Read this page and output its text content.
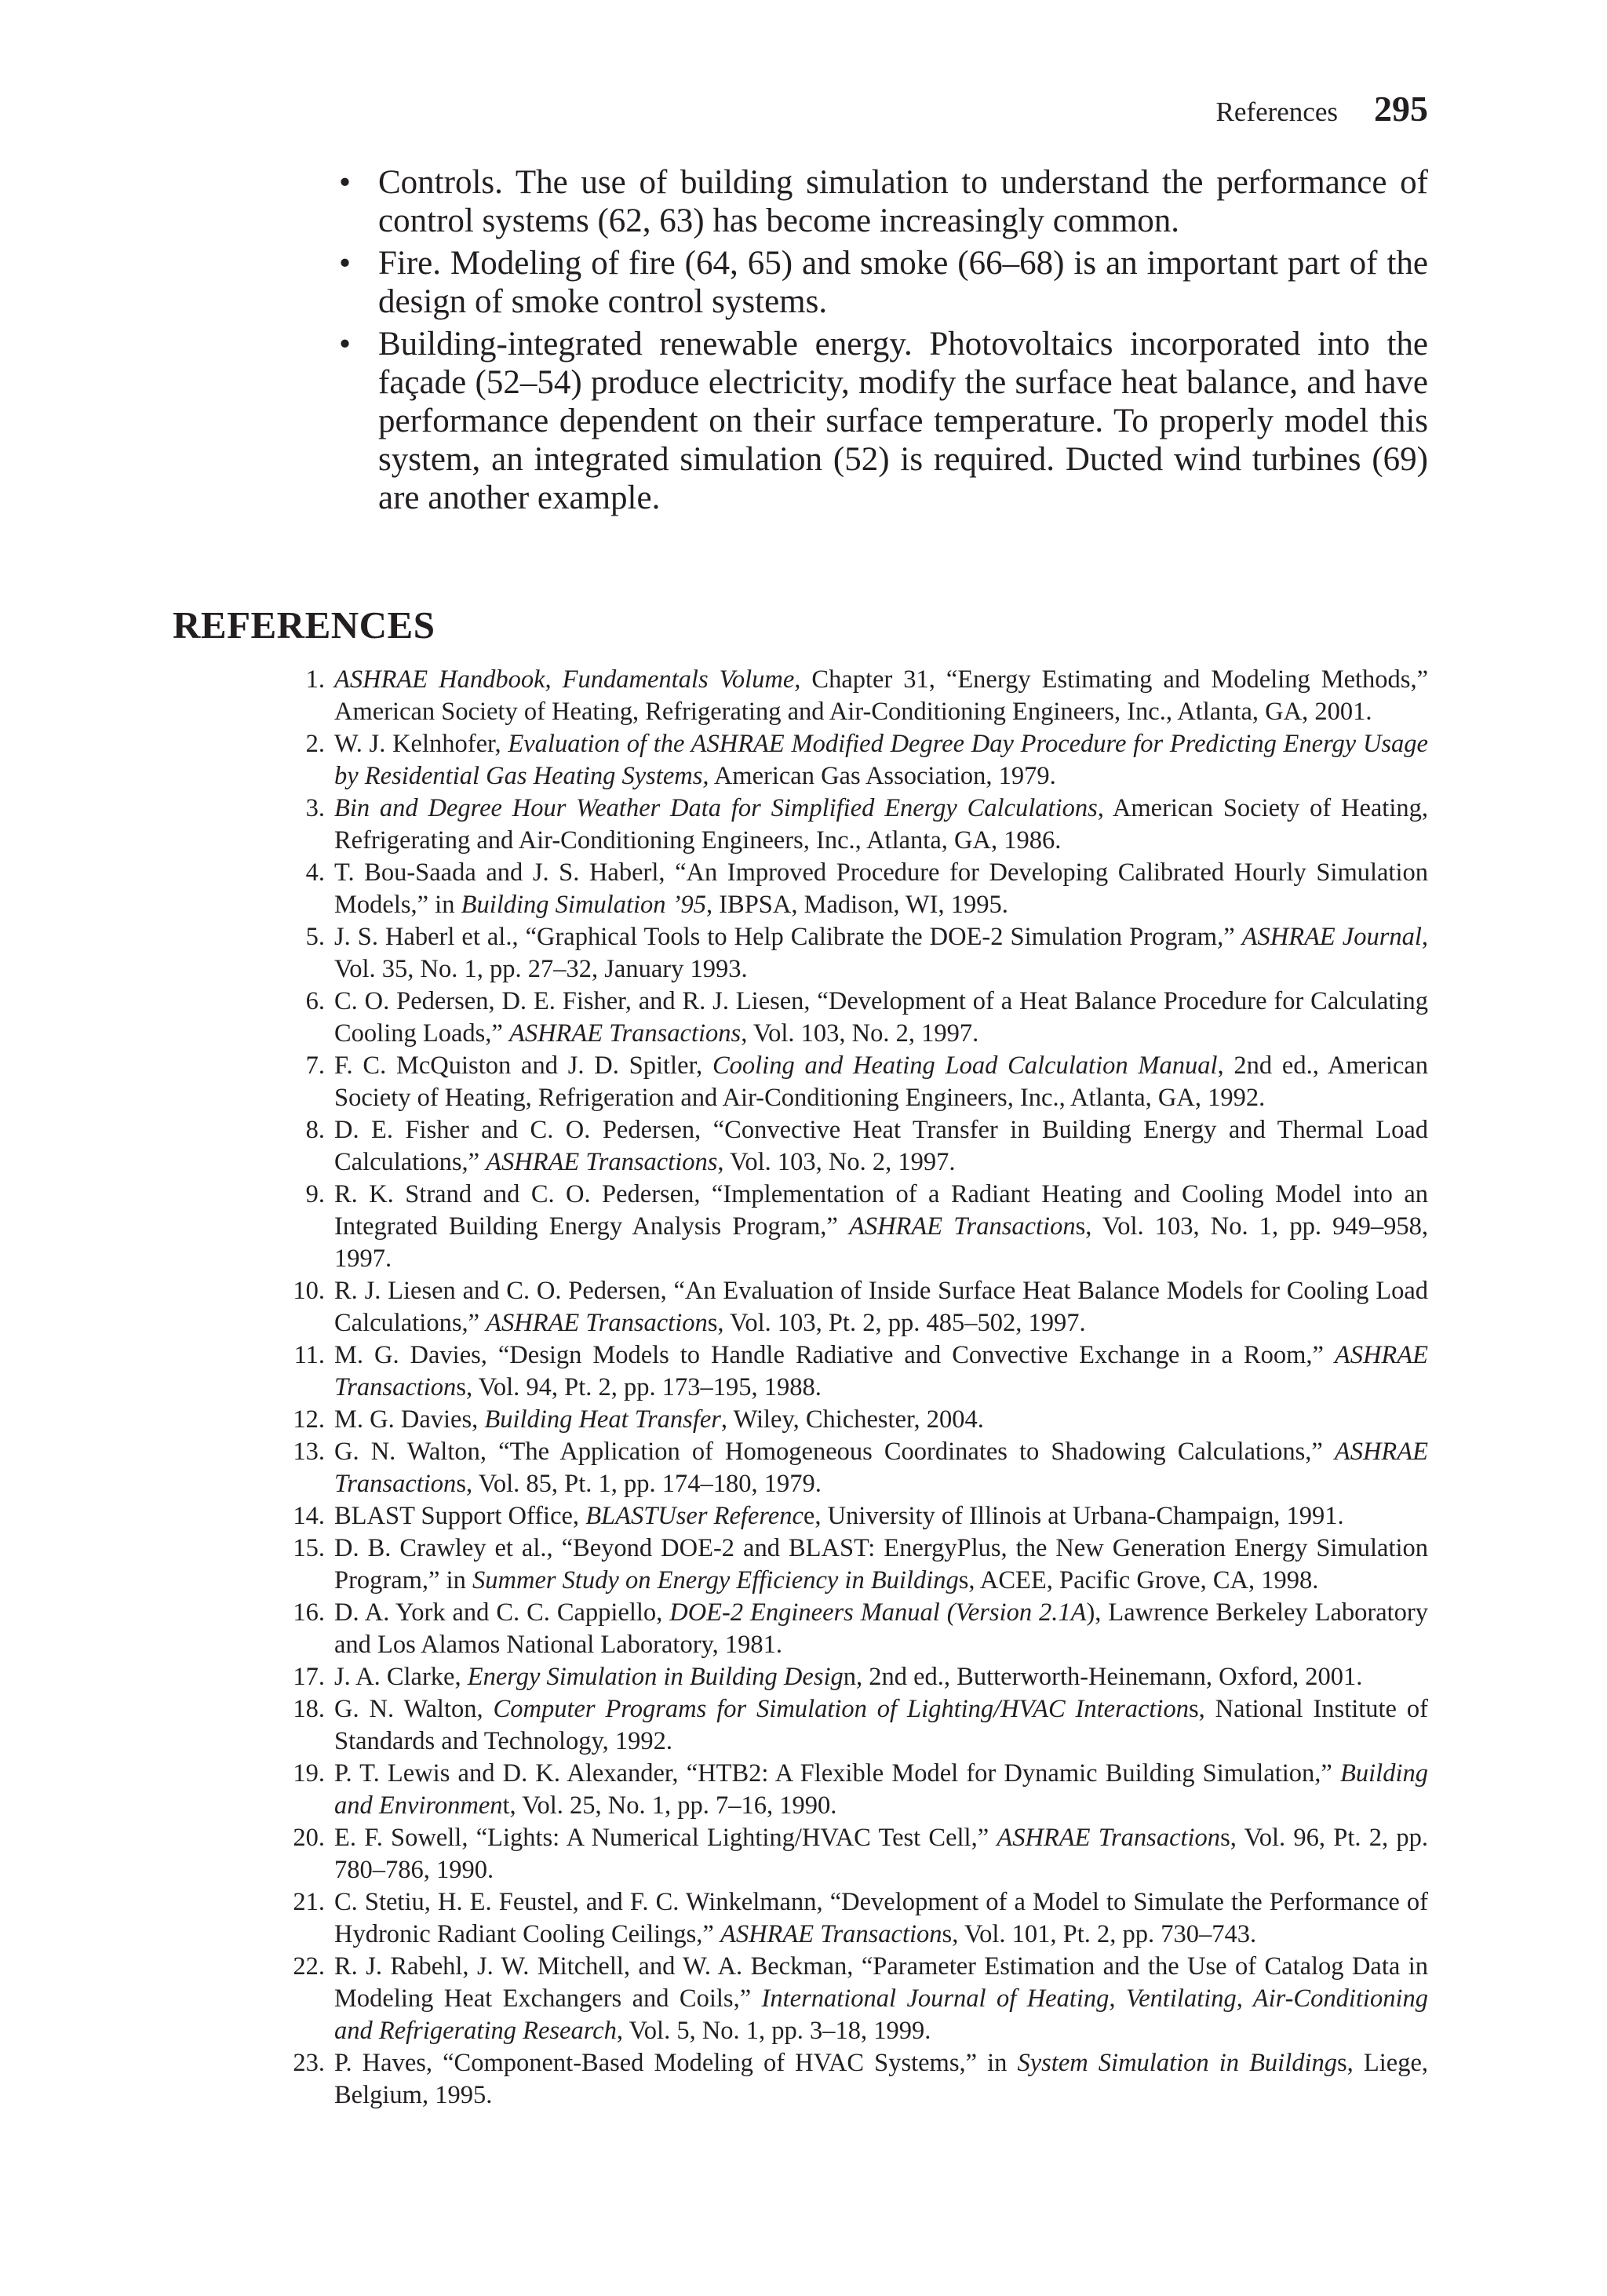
References 295
• Controls. The use of building simulation to understand the performance of control systems (62, 63) has become increasingly common.
• Fire. Modeling of fire (64, 65) and smoke (66–68) is an important part of the design of smoke control systems.
• Building-integrated renewable energy. Photovoltaics incorporated into the façade (52–54) produce electricity, modify the surface heat balance, and have performance dependent on their surface temperature. To properly model this system, an integrated simulation (52) is required. Ducted wind turbines (69) are another example.
REFERENCES
1. ASHRAE Handbook, Fundamentals Volume, Chapter 31, “Energy Estimating and Modeling Methods,” American Society of Heating, Refrigerating and Air-Conditioning Engineers, Inc., Atlanta, GA, 2001.
2. W. J. Kelnhofer, Evaluation of the ASHRAE Modified Degree Day Procedure for Predicting Energy Usage by Residential Gas Heating Systems, American Gas Association, 1979.
3. Bin and Degree Hour Weather Data for Simplified Energy Calculations, American Society of Heating, Refrigerating and Air-Conditioning Engineers, Inc., Atlanta, GA, 1986.
4. T. Bou-Saada and J. S. Haberl, “An Improved Procedure for Developing Calibrated Hourly Simulation Models,” in Building Simulation ’95, IBPSA, Madison, WI, 1995.
5. J. S. Haberl et al., “Graphical Tools to Help Calibrate the DOE-2 Simulation Program,” ASHRAE Journal, Vol. 35, No. 1, pp. 27–32, January 1993.
6. C. O. Pedersen, D. E. Fisher, and R. J. Liesen, “Development of a Heat Balance Procedure for Calculating Cooling Loads,” ASHRAE Transactions, Vol. 103, No. 2, 1997.
7. F. C. McQuiston and J. D. Spitler, Cooling and Heating Load Calculation Manual, 2nd ed., American Society of Heating, Refrigeration and Air-Conditioning Engineers, Inc., Atlanta, GA, 1992.
8. D. E. Fisher and C. O. Pedersen, “Convective Heat Transfer in Building Energy and Thermal Load Calculations,” ASHRAE Transactions, Vol. 103, No. 2, 1997.
9. R. K. Strand and C. O. Pedersen, “Implementation of a Radiant Heating and Cooling Model into an Integrated Building Energy Analysis Program,” ASHRAE Transactions, Vol. 103, No. 1, pp. 949–958, 1997.
10. R. J. Liesen and C. O. Pedersen, “An Evaluation of Inside Surface Heat Balance Models for Cooling Load Calculations,” ASHRAE Transactions, Vol. 103, Pt. 2, pp. 485–502, 1997.
11. M. G. Davies, “Design Models to Handle Radiative and Convective Exchange in a Room,” ASHRAE Transactions, Vol. 94, Pt. 2, pp. 173–195, 1988.
12. M. G. Davies, Building Heat Transfer, Wiley, Chichester, 2004.
13. G. N. Walton, “The Application of Homogeneous Coordinates to Shadowing Calculations,” ASHRAE Transactions, Vol. 85, Pt. 1, pp. 174–180, 1979.
14. BLAST Support Office, BLASTUser Reference, University of Illinois at Urbana-Champaign, 1991.
15. D. B. Crawley et al., “Beyond DOE-2 and BLAST: EnergyPlus, the New Generation Energy Simulation Program,” in Summer Study on Energy Efficiency in Buildings, ACEE, Pacific Grove, CA, 1998.
16. D. A. York and C. C. Cappiello, DOE-2 Engineers Manual (Version 2.1A), Lawrence Berkeley Laboratory and Los Alamos National Laboratory, 1981.
17. J. A. Clarke, Energy Simulation in Building Design, 2nd ed., Butterworth-Heinemann, Oxford, 2001.
18. G. N. Walton, Computer Programs for Simulation of Lighting/HVAC Interactions, National Institute of Standards and Technology, 1992.
19. P. T. Lewis and D. K. Alexander, “HTB2: A Flexible Model for Dynamic Building Simulation,” Building and Environment, Vol. 25, No. 1, pp. 7–16, 1990.
20. E. F. Sowell, “Lights: A Numerical Lighting/HVAC Test Cell,” ASHRAE Transactions, Vol. 96, Pt. 2, pp. 780–786, 1990.
21. C. Stetiu, H. E. Feustel, and F. C. Winkelmann, “Development of a Model to Simulate the Performance of Hydronic Radiant Cooling Ceilings,” ASHRAE Transactions, Vol. 101, Pt. 2, pp. 730–743.
22. R. J. Rabehl, J. W. Mitchell, and W. A. Beckman, “Parameter Estimation and the Use of Catalog Data in Modeling Heat Exchangers and Coils,” International Journal of Heating, Ventilating, Air-Conditioning and Refrigerating Research, Vol. 5, No. 1, pp. 3–18, 1999.
23. P. Haves, “Component-Based Modeling of HVAC Systems,” in System Simulation in Buildings, Liege, Belgium, 1995.
